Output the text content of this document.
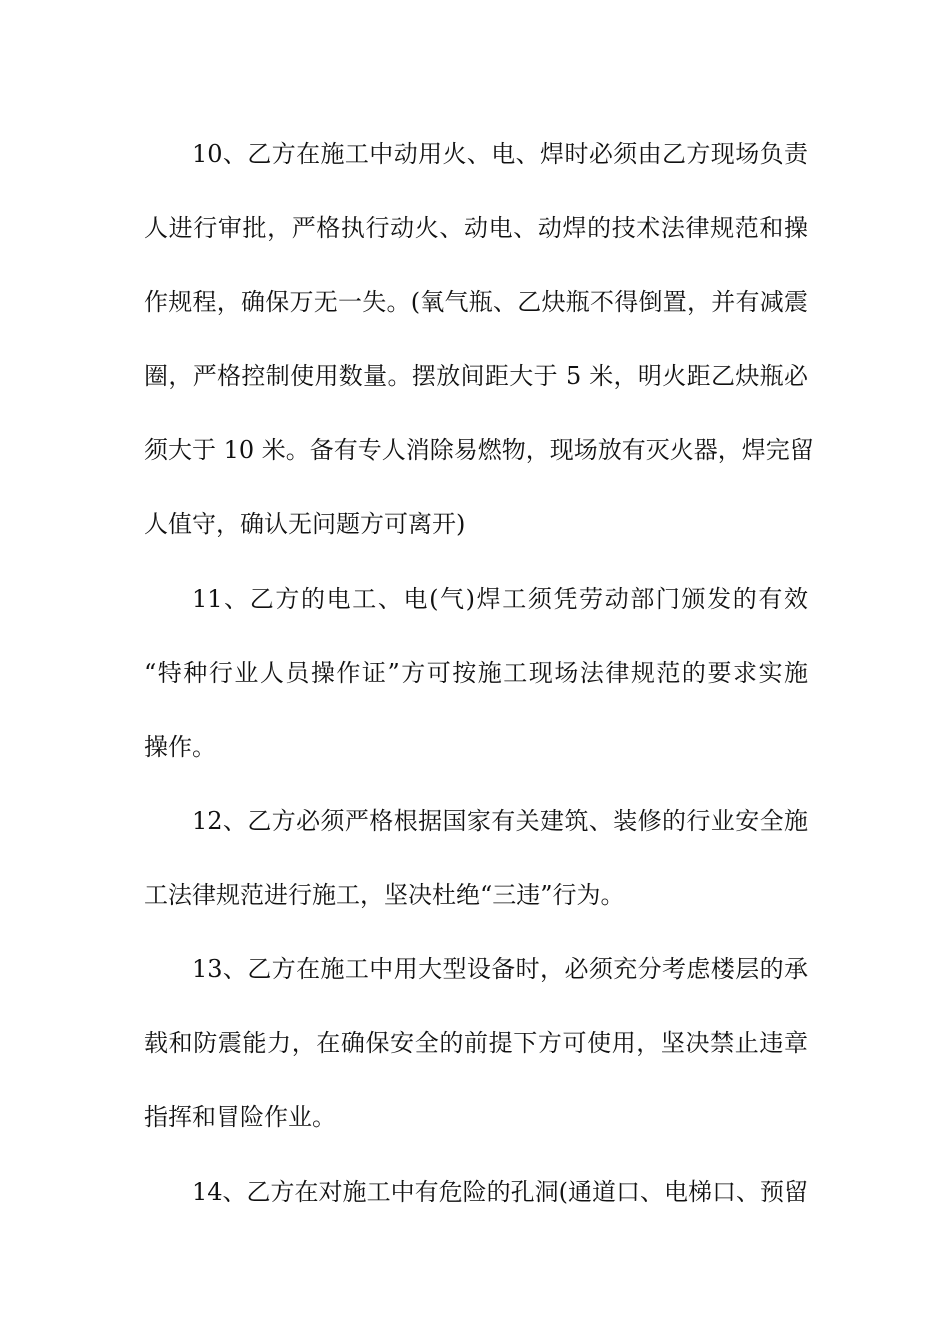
10、乙方在施工中动用火、电、焊时必须由乙方现场负责
人进行审批，严格执行动火、动电、动焊的技术法律规范和操
作规程，确保万无一失。(氧气瓶、乙炔瓶不得倒置，并有减震
圈，严格控制使用数量。摆放间距大于 5 米，明火距乙炔瓶必
须大于 10 米。备有专人消除易燃物，现场放有灭火器，焊完留
人值守，确认无问题方可离开)
11、乙方的电工、电(气)焊工须凭劳动部门颁发的有效
“特种行业人员操作证”方可按施工现场法律规范的要求实施
操作。
12、乙方必须严格根据国家有关建筑、装修的行业安全施
工法律规范进行施工，坚决杜绝“三违”行为。
13、乙方在施工中用大型设备时，必须充分考虑楼层的承
载和防震能力，在确保安全的前提下方可使用，坚决禁止违章
指挥和冒险作业。
14、乙方在对施工中有危险的孔洞(通道口、电梯口、预留
